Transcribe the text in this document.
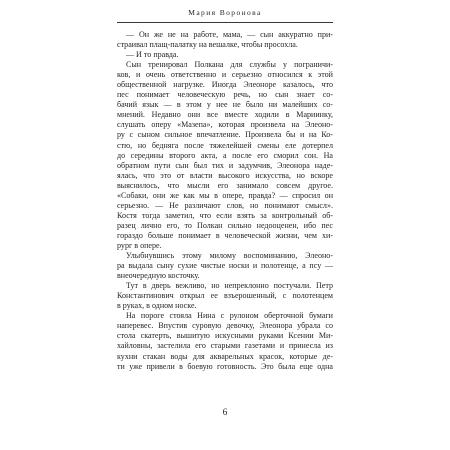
Мария Воронова
— Он же не на работе, мама, — сын аккуратно при-
страивал плащ-палатку на вешалке, чтобы просохла.
— И то правда.
Сын тренировал Полкана для службы у пограничи-
ков, и очень ответственно и серьезно относился к этой
общественной нагрузке. Иногда Элеоноре казалось, что
пес понимает человеческую речь, но сын знает со-
бачий язык — в этом у нее не было ни малейших со-
мнений. Недавно они все вместе ходили в Мариинку,
слушать оперу «Мазепа», которая произвела на Элеоно-
ру с сыном сильное впечатление. Произвела бы и на Ко-
стю, но бедняга после тяжелейшей смены еле дотерпел
до середины второго акта, а после его сморил сон. На
обратном пути сын был тих и задумчив, Элеонора наде-
ялась, что это от власти высокого искусства, но вскоре
выяснилось, что мысли его занимало совсем другое.
«Собаки, они же как мы в опере, правда? — спросил он
серьезно. — Не различают слов, но понимают смысл».
Костя тогда заметил, что если взять за контрольный об-
разец лично его, то Полкан сильно недооценен, ибо пес
гораздо больше понимает в человеческой жизни, чем хи-
рург в опере.
Улыбнувшись этому милому воспоминанию, Элеоно-
ра выдала сыну сухие чистые носки и полотенце, а псу —
внеочередную косточку.
Тут в дверь вежливо, но непреклонно постучали. Петр
Константинович открыл ее взъерошенный, с полотенцем
в руках, в одном носке.
На пороге стояла Нина с рулоном оберточной бумаги
наперевес. Впустив суровую девочку, Элеонора убрала со
стола скатерть, вышитую искусными руками Ксении Ми-
хайловны, застелила его старыми газетами и принесла из
кухни стакан воды для акварельных красок, которые де-
ти уже привели в боевую готовность. Это была еще одна
6
